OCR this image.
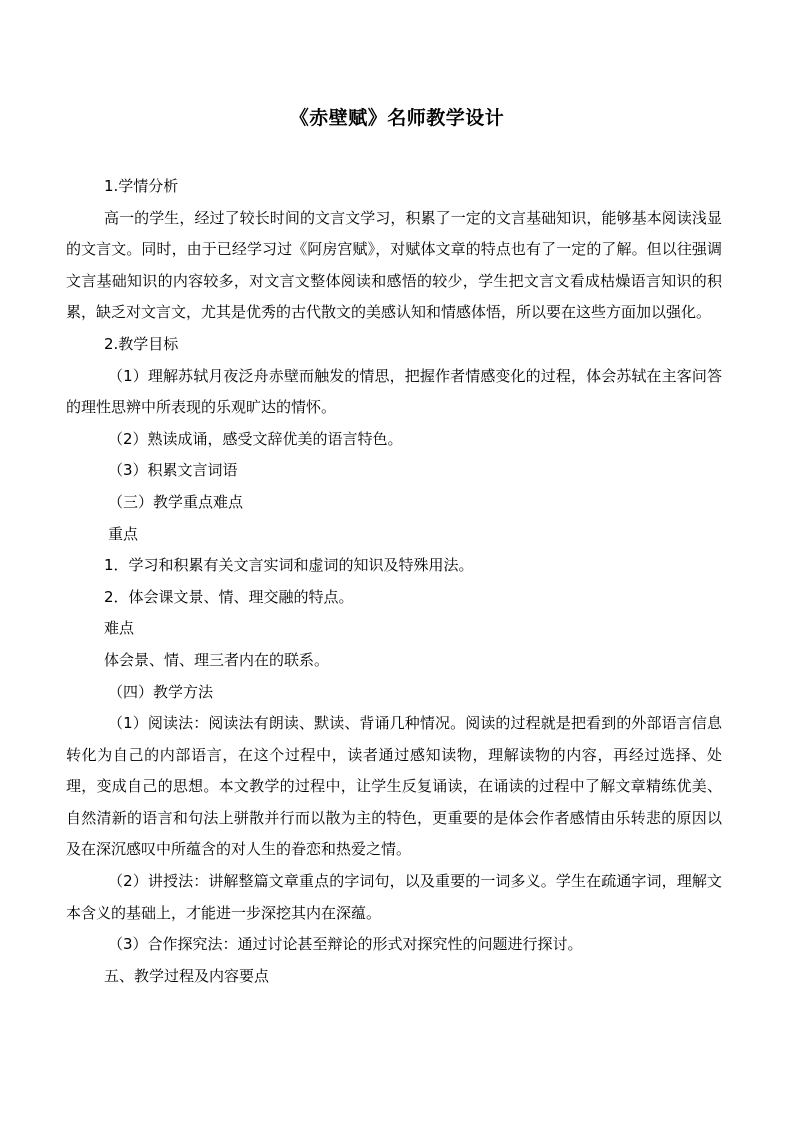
《赤壁赋》名师教学设计

1.学情分析

高一的学生，经过了较长时间的文言文学习，积累了一定的文言基础知识，能够基本阅读浅显的文言文。同时，由于已经学习过《阿房宫赋》，对赋体文章的特点也有了一定的了解。但以往强调文言基础知识的内容较多，对文言文整体阅读和感悟的较少，学生把文言文看成枯燥语言知识的积累，缺乏对文言文，尤其是优秀的古代散文的美感认知和情感体悟，所以要在这些方面加以强化。

2.教学目标

（1）理解苏轼月夜泛舟赤壁而触发的情思，把握作者情感变化的过程，体会苏轼在主客问答的理性思辨中所表现的乐观旷达的情怀。

（2）熟读成诵，感受文辞优美的语言特色。

（3）积累文言词语

（三）教学重点难点

重点

1．学习和积累有关文言实词和虚词的知识及特殊用法。

2．体会课文景、情、理交融的特点。

难点

体会景、情、理三者内在的联系。

（四）教学方法

（1）阅读法：阅读法有朗读、默读、背诵几种情况。阅读的过程就是把看到的外部语言信息转化为自己的内部语言，在这个过程中，读者通过感知读物，理解读物的内容，再经过选择、处理，变成自己的思想。本文教学的过程中，让学生反复诵读，在诵读的过程中了解文章精练优美、自然清新的语言和句法上骈散并行而以散为主的特色，更重要的是体会作者感情由乐转悲的原因以及在深沉感叹中所蕴含的对人生的眷恋和热爱之情。

（2）讲授法：讲解整篇文章重点的字词句，以及重要的一词多义。学生在疏通字词，理解文本含义的基础上，才能进一步深挖其内在深蕴。

（3）合作探究法：通过讨论甚至辩论的形式对探究性的问题进行探讨。

五、教学过程及内容要点
